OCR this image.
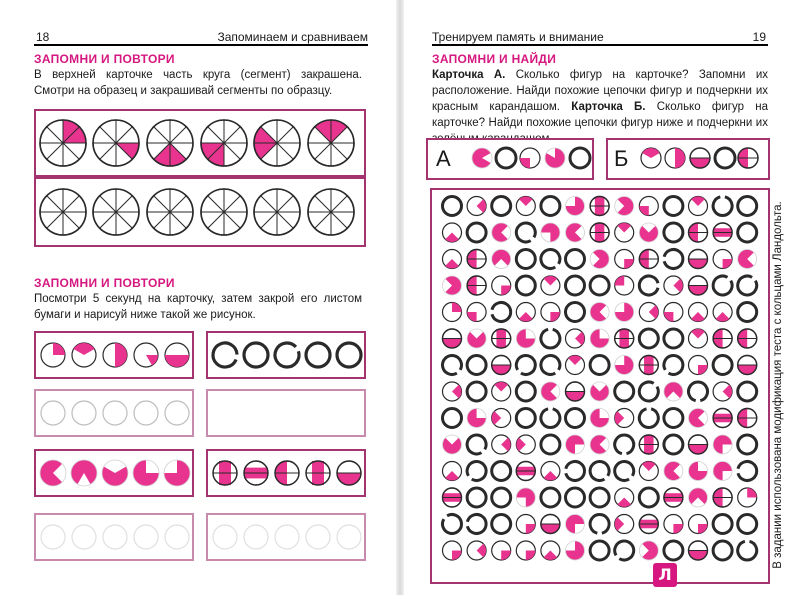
18	Запоминаем и сравниваем
ЗАПОМНИ И ПОВТОРИ
В верхней карточке часть круга (сегмент) закрашена. Смотри на образец и закрашивай сегменты по образцу.
ЗАПОМНИ И ПОВТОРИ
Посмотри 5 секунд на карточку, затем закрой его листом бумаги и нарисуй ниже такой же рисунок.
Тренируем память и внимание	19
ЗАПОМНИ И НАЙДИ
Карточка А. Сколько фигур на карточке? Запомни их расположение. Найди похожие цепочки фигур и подчеркни их красным карандашом. Карточка Б. Сколько фигур на карточке? Найди похожие цепочки фигур ниже и подчеркни их
А	Б
В задании использована модификация теста с кольцами Ландольта.
Л
